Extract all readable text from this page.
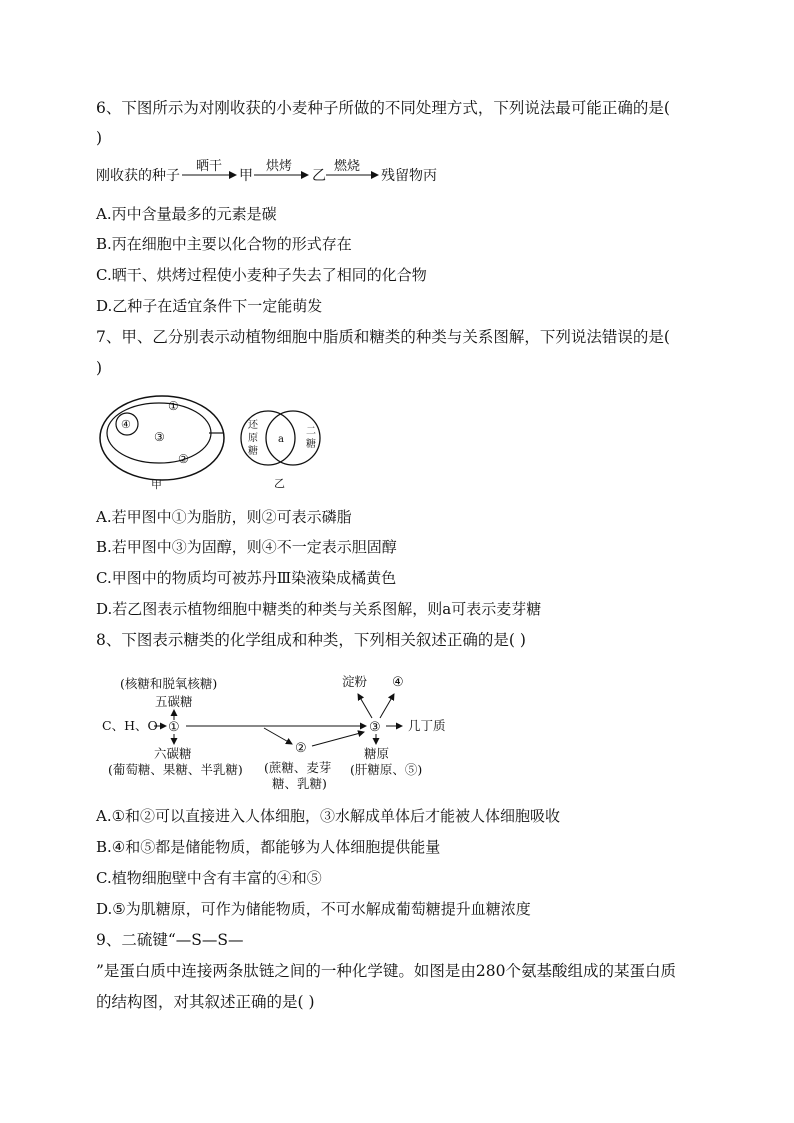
6、下图所示为对刚收获的小麦种子所做的不同处理方式，下列说法最可能正确的是(
)
刚收获的种子
晒干
甲
烘烤
乙
燃烧
残留物丙
A.丙中含量最多的元素是碳
B.丙在细胞中主要以化合物的形式存在
C.晒干、烘烤过程使小麦种子失去了相同的化合物
D.乙种子在适宜条件下一定能萌发
7、甲、乙分别表示动植物细胞中脂质和糖类的种类与关系图解，下列说法错误的是(
)
①
②
③
④
甲
还
原
糖
a
二
糖
乙
A.若甲图中①为脂肪，则②可表示磷脂
B.若甲图中③为固醇，则④不一定表示胆固醇
C.甲图中的物质均可被苏丹Ⅲ染液染成橘黄色
D.若乙图表示植物细胞中糖类的种类与关系图解，则a可表示麦芽糖
8、下图表示糖类的化学组成和种类，下列相关叙述正确的是( )
(核糖和脱氧核糖)
五碳糖
C、H、O ①	③ 几丁质
淀粉 ④
六碳糖
(葡萄糖、果糖、半乳糖)
②
(蔗糖、麦芽
糖、乳糖)
糖原
(肝糖原、⑤)
A.①和②可以直接进入人体细胞，③水解成单体后才能被人体细胞吸收
B.④和⑤都是储能物质，都能够为人体细胞提供能量
C.植物细胞壁中含有丰富的④和⑤
D.⑤为肌糖原，可作为储能物质，不可水解成葡萄糖提升血糖浓度
9、二硫键“—S—S—
”是蛋白质中连接两条肽链之间的一种化学键。如图是由280个氨基酸组成的某蛋白质
的结构图，对其叙述正确的是( )
